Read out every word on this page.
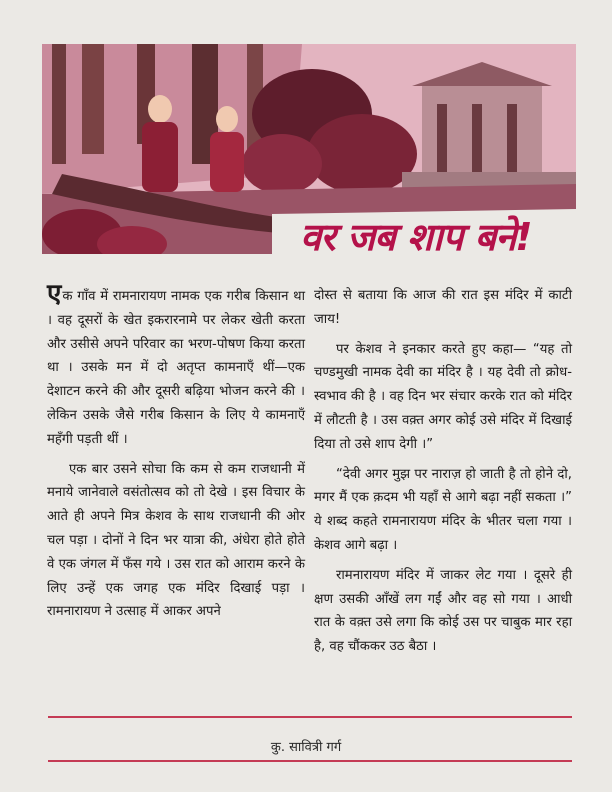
वर जब शाप बने!

एक गाँव में रामनारायण नामक एक गरीब किसान था । वह दूसरों के खेत इकरारनामे पर लेकर खेती करता और उसीसे अपने परिवार का भरण-पोषण किया करता था । उसके मन में दो अतृप्त कामनाएँ थीं—एक देशाटन करने की और दूसरी बढ़िया भोजन करने की । लेकिन उसके जैसे गरीब किसान के लिए ये कामनाएँ महँगी पड़ती थीं ।

एक बार उसने सोचा कि कम से कम राजधानी में मनाये जानेवाले वसंतोत्सव को तो देखे । इस विचार के आते ही अपने मित्र केशव के साथ राजधानी की ओर चल पड़ा । दोनों ने दिन भर यात्रा की, अंधेरा होते होते वे एक जंगल में फँस गये । उस रात को आराम करने के लिए उन्हें एक जगह एक मंदिर दिखाई पड़ा । रामनारायण ने उत्साह में आकर अपने

दोस्त से बताया कि आज की रात इस मंदिर में काटी जाय!

पर केशव ने इनकार करते हुए कहा— “यह तो चण्डमुखी नामक देवी का मंदिर है । यह देवी तो क्रोध-स्वभाव की है । वह दिन भर संचार करके रात को मंदिर में लौटती है । उस वक़्त अगर कोई उसे मंदिर में दिखाई दिया तो उसे शाप देगी ।”

“देवी अगर मुझ पर नाराज़ हो जाती है तो होने दो, मगर मैं एक क़दम भी यहाँ से आगे बढ़ा नहीं सकता ।” ये शब्द कहते रामनारायण मंदिर के भीतर चला गया । केशव आगे बढ़ा ।

रामनारायण मंदिर में जाकर लेट गया । दूसरे ही क्षण उसकी आँखें लग गईं और वह सो गया । आधी रात के वक़्त उसे लगा कि कोई उस पर चाबुक मार रहा है, वह चौंककर उठ बैठा ।

कु. सावित्री गर्ग
